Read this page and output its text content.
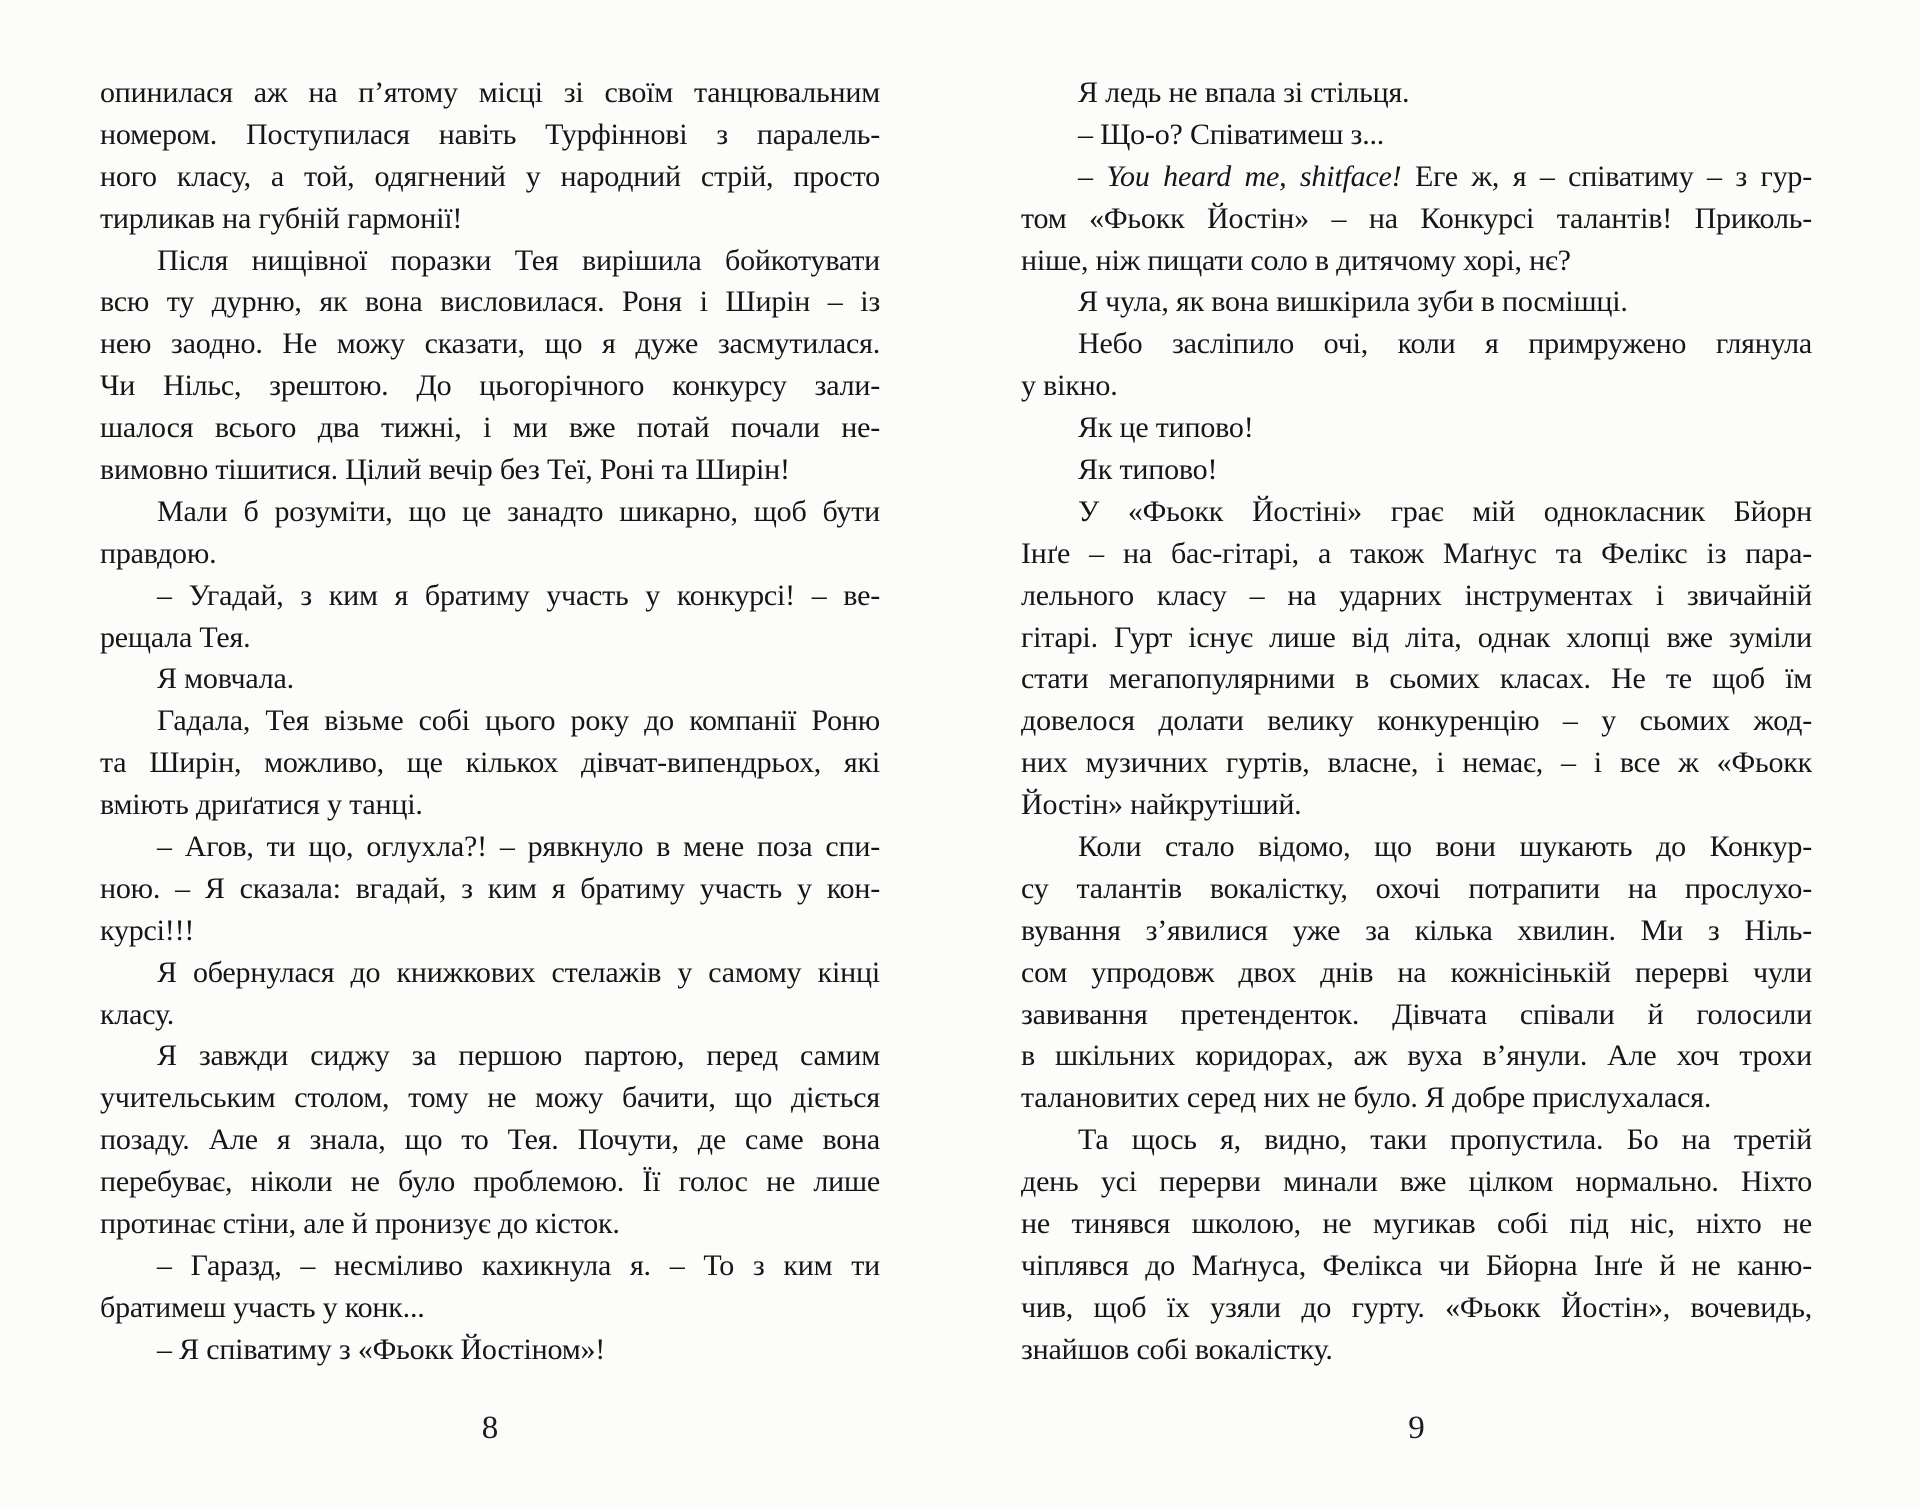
опинилася аж на п’ятому місці зі своїм танцювальним
номером. Поступилася навіть Турфіннові з паралель-
ного класу, а той, одягнений у народний стрій, просто
тирликав на губній гармонії!
Після нищівної поразки Тея вирішила бойкотувати
всю ту дурню, як вона висловилася. Роня і Ширін – із
нею заодно. Не можу сказати, що я дуже засмутилася.
Чи Нільс, зрештою. До цьогорічного конкурсу зали-
шалося всього два тижні, і ми вже потай почали не-
вимовно тішитися. Цілий вечір без Теї, Роні та Ширін!
Мали б розуміти, що це занадто шикарно, щоб бути
правдою.
– Угадай, з ким я братиму участь у конкурсі! – ве-
рещала Тея.
Я мовчала.
Гадала, Тея візьме собі цього року до компанії Роню
та Ширін, можливо, ще кількох дівчат-випендрьох, які
вміють дриґатися у танці.
– Агов, ти що, оглухла?! – рявкнуло в мене поза спи-
ною. – Я сказала: вгадай, з ким я братиму участь у кон-
курсі!!!
Я обернулася до книжкових стелажів у самому кінці
класу.
Я завжди сиджу за першою партою, перед самим
учительським столом, тому не можу бачити, що діється
позаду. Але я знала, що то Тея. Почути, де саме вона
перебуває, ніколи не було проблемою. Її голос не лише
протинає стіни, але й пронизує до кісток.
– Гаразд, – несміливо кахикнула я. – То з ким ти
братимеш участь у конк...
– Я співатиму з «Фьокк Йостіном»!
Я ледь не впала зі стільця.
– Що-о? Співатимеш з...
– You heard me, shitface! Еге ж, я – співатиму – з гур-
том «Фьокк Йостін» – на Конкурсі талантів! Приколь-
ніше, ніж пищати соло в дитячому хорі, нє?
Я чула, як вона вишкірила зуби в посмішці.
Небо засліпило очі, коли я примружено глянула
у вікно.
Як це типово!
Як типово!
У «Фьокк Йостіні» грає мій однокласник Бйорн
Інґе – на бас-гітарі, а також Маґнус та Фелікс із пара-
лельного класу – на ударних інструментах і звичайній
гітарі. Гурт існує лише від літа, однак хлопці вже зуміли
стати мегапопулярними в сьомих класах. Не те щоб їм
довелося долати велику конкуренцію – у сьомих жод-
них музичних гуртів, власне, і немає, – і все ж «Фьокк
Йостін» найкрутіший.
Коли стало відомо, що вони шукають до Конкур-
су талантів вокалістку, охочі потрапити на прослухо-
вування з’явилися уже за кілька хвилин. Ми з Ніль-
сом упродовж двох днів на кожнісінькій перерві чули
завивання претенденток. Дівчата співали й голосили
в шкільних коридорах, аж вуха в’янули. Але хоч трохи
талановитих серед них не було. Я добре прислухалася.
Та щось я, видно, таки пропустила. Бо на третій
день усі перерви минали вже цілком нормально. Ніхто
не тинявся школою, не мугикав собі під ніс, ніхто не
чіплявся до Маґнуса, Фелікса чи Бйорна Інґе й не каню-
чив, щоб їх узяли до гурту. «Фьокк Йостін», вочевидь,
знайшов собі вокалістку.
8	9
